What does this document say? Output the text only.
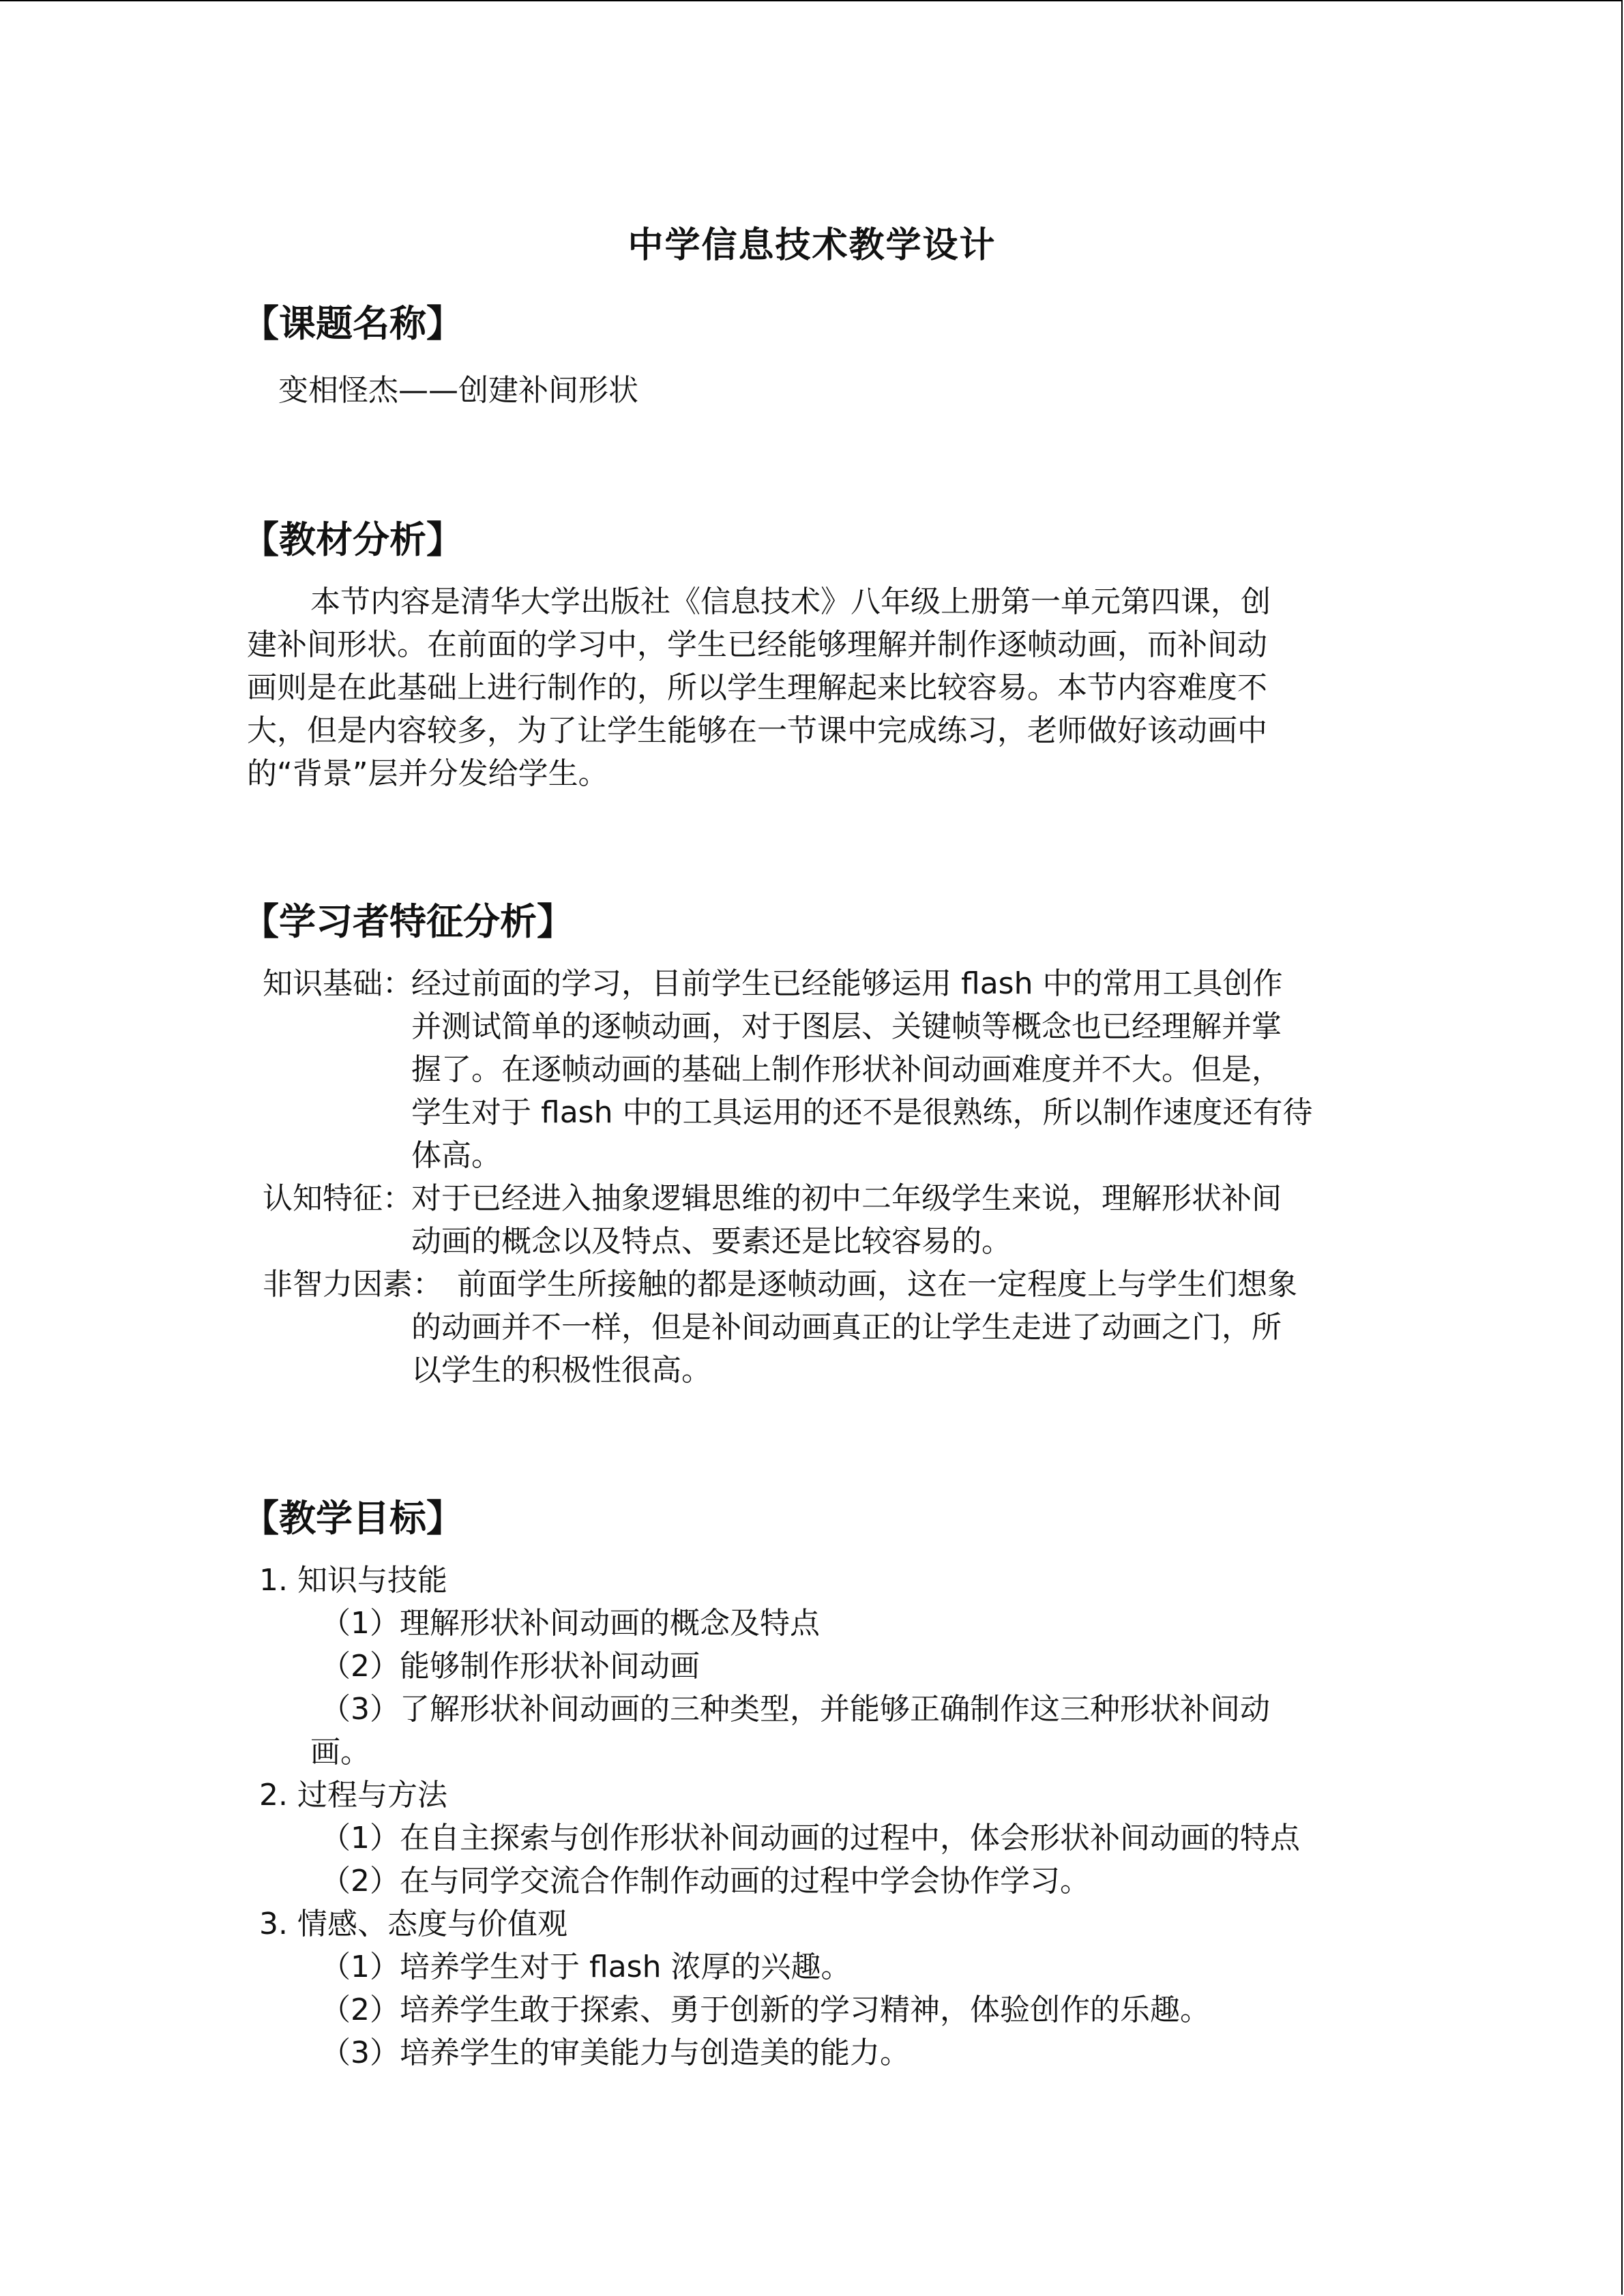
中学信息技术教学设计
【课题名称】
变相怪杰——创建补间形状
【教材分析】
本节内容是清华大学出版社《信息技术》八年级上册第一单元第四课，创
建补间形状。在前面的学习中，学生已经能够理解并制作逐帧动画，而补间动
画则是在此基础上进行制作的，所以学生理解起来比较容易。本节内容难度不
大，但是内容较多，为了让学生能够在一节课中完成练习，老师做好该动画中
的“背景”层并分发给学生。
【学习者特征分析】
知识基础：
经过前面的学习，目前学生已经能够运用 flash 中的常用工具创作
并测试简单的逐帧动画，对于图层、关键帧等概念也已经理解并掌
握了。在逐帧动画的基础上制作形状补间动画难度并不大。但是，
学生对于 flash 中的工具运用的还不是很熟练，所以制作速度还有待
体高。
认知特征：
对于已经进入抽象逻辑思维的初中二年级学生来说，理解形状补间
动画的概念以及特点、要素还是比较容易的。
非智力因素： 前面学生所接触的都是逐帧动画，这在一定程度上与学生们想象
的动画并不一样，但是补间动画真正的让学生走进了动画之门，所
以学生的积极性很高。
【教学目标】
1. 知识与技能
（1）理解形状补间动画的概念及特点
（2）能够制作形状补间动画
（3）了解形状补间动画的三种类型，并能够正确制作这三种形状补间动
画。
2. 过程与方法
（1）在自主探索与创作形状补间动画的过程中，体会形状补间动画的特点
（2）在与同学交流合作制作动画的过程中学会协作学习。
3. 情感、态度与价值观
（1）培养学生对于 flash 浓厚的兴趣。
（2）培养学生敢于探索、勇于创新的学习精神，体验创作的乐趣。
（3）培养学生的审美能力与创造美的能力。
